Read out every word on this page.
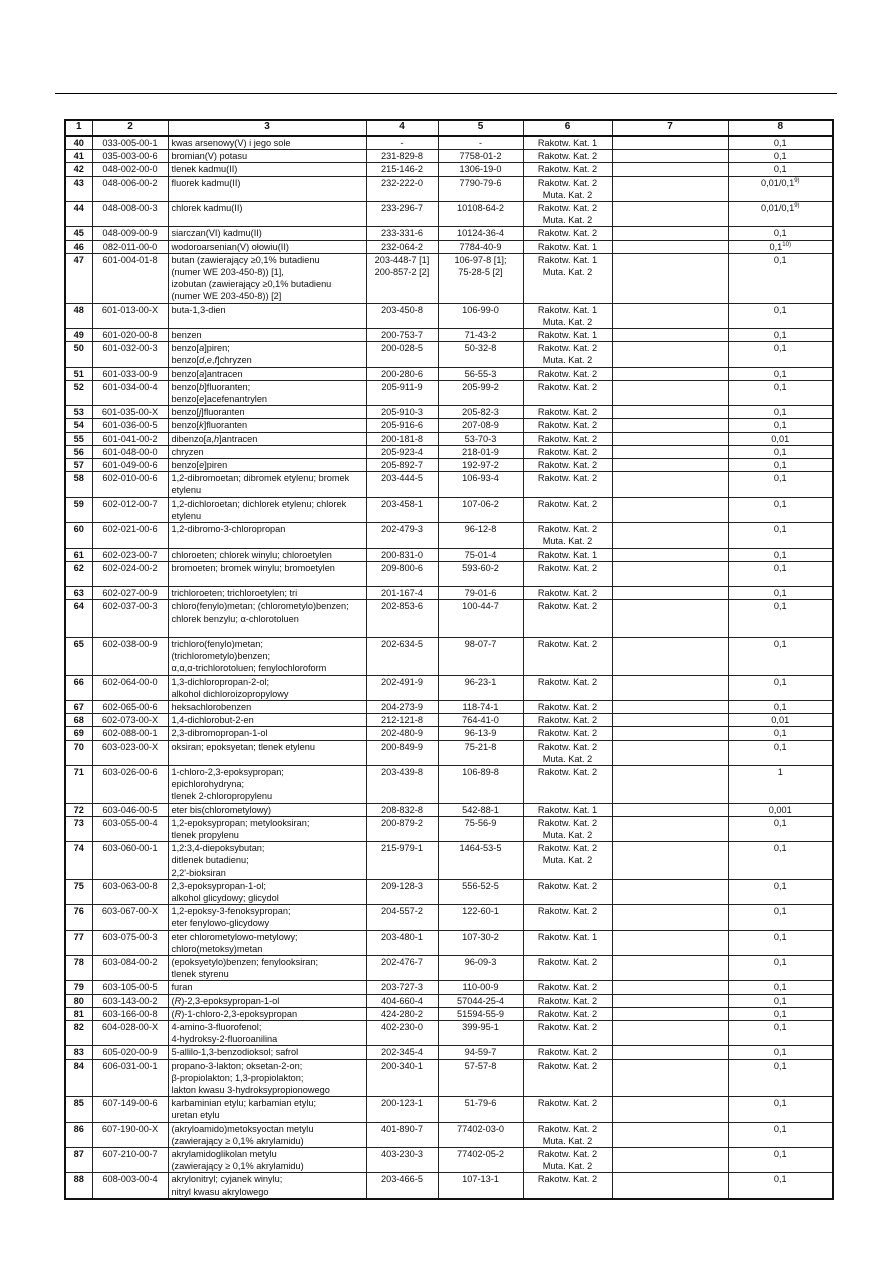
1	2	3	4	5	6	7	8
40	033-005-00-1	kwas arsenowy(V) i jego sole	-	-	Rakotw. Kat. 1		0,1
41	035-003-00-6	bromian(V) potasu	231-829-8	7758-01-2	Rakotw. Kat. 2		0,1
42	048-002-00-0	tlenek kadmu(II)	215-146-2	1306-19-0	Rakotw. Kat. 2		0,1
43	048-006-00-2	fluorek kadmu(II)	232-222-0	7790-79-6	Rakotw. Kat. 2
Muta. Kat. 2		0,01/0,1$^{9)}$
44	048-008-00-3	chlorek kadmu(II)	233-296-7	10108-64-2	Rakotw. Kat. 2
Muta. Kat. 2		0,01/0,1$^{9)}$
45	048-009-00-9	siarczan(VI) kadmu(II)	233-331-6	10124-36-4	Rakotw. Kat. 2		0,1
46	082-011-00-0	wodoroarsenian(V) ołowiu(II)	232-064-2	7784-40-9	Rakotw. Kat. 1		0,1$^{10)}$
47	601-004-01-8	butan (zawierający ≥0,1% butadienu
(numer WE 203-450-8)) [1],
izobutan (zawierający ≥0,1% butadienu
(numer WE 203-450-8)) [2]	203-448-7 [1]
200-857-2 [2]	106-97-8 [1];
75-28-5 [2]	Rakotw. Kat. 1
Muta. Kat. 2		0,1
48	601-013-00-X	buta-1,3-dien	203-450-8	106-99-0	Rakotw. Kat. 1
Muta. Kat. 2		0,1
49	601-020-00-8	benzen	200-753-7	71-43-2	Rakotw. Kat. 1		0,1
50	601-032-00-3	benzo[a]piren;
benzo[d,e,f]chryzen	200-028-5	50-32-8	Rakotw. Kat. 2
Muta. Kat. 2		0,1
51	601-033-00-9	benzo[a]antracen	200-280-6	56-55-3	Rakotw. Kat. 2		0,1
52	601-034-00-4	benzo[b]fluoranten;
benzo[e]acefenantrylen	205-911-9	205-99-2	Rakotw. Kat. 2		0,1
53	601-035-00-X	benzo[j]fluoranten	205-910-3	205-82-3	Rakotw. Kat. 2		0,1
54	601-036-00-5	benzo[k]fluoranten	205-916-6	207-08-9	Rakotw. Kat. 2		0,1
55	601-041-00-2	dibenzo[a,h]antracen	200-181-8	53-70-3	Rakotw. Kat. 2		0,01
56	601-048-00-0	chryzen	205-923-4	218-01-9	Rakotw. Kat. 2		0,1
57	601-049-00-6	benzo[e]piren	205-892-7	192-97-2	Rakotw. Kat. 2		0,1
58	602-010-00-6	1,2-dibromoetan; dibromek etylenu; bromek
etylenu	203-444-5	106-93-4	Rakotw. Kat. 2		0,1
59	602-012-00-7	1,2-dichloroetan; dichlorek etylenu; chlorek
etylenu	203-458-1	107-06-2	Rakotw. Kat. 2		0,1
60	602-021-00-6	1,2-dibromo-3-chloropropan	202-479-3	96-12-8	Rakotw. Kat. 2
Muta. Kat. 2		0,1
61	602-023-00-7	chloroeten; chlorek winylu; chloroetylen	200-831-0	75-01-4	Rakotw. Kat. 1		0,1
62	602-024-00-2	bromoeten; bromek winylu; bromoetylen	209-800-6	593-60-2	Rakotw. Kat. 2		0,1
63	602-027-00-9	trichloroeten; trichloroetylen; tri	201-167-4	79-01-6	Rakotw. Kat. 2		0,1
64	602-037-00-3	chloro(fenylo)metan; (chlorometylo)benzen;
chlorek benzylu; α-chlorotoluen	202-853-6	100-44-7	Rakotw. Kat. 2		0,1
65	602-038-00-9	trichloro(fenylo)metan;
(trichlorometylo)benzen;
α,α,α-trichlorotoluen; fenylochloroform	202-634-5	98-07-7	Rakotw. Kat. 2		0,1
66	602-064-00-0	1,3-dichloropropan-2-ol;
alkohol dichloroizopropylowy	202-491-9	96-23-1	Rakotw. Kat. 2		0,1
67	602-065-00-6	heksachlorobenzen	204-273-9	118-74-1	Rakotw. Kat. 2		0,1
68	602-073-00-X	1,4-dichlorobut-2-en	212-121-8	764-41-0	Rakotw. Kat. 2		0,01
69	602-088-00-1	2,3-dibromopropan-1-ol	202-480-9	96-13-9	Rakotw. Kat. 2		0,1
70	603-023-00-X	oksiran; epoksyetan; tlenek etylenu	200-849-9	75-21-8	Rakotw. Kat. 2
Muta. Kat. 2		0,1
71	603-026-00-6	1-chloro-2,3-epoksypropan;
epichlorohydryna;
tlenek 2-chloropropylenu	203-439-8	106-89-8	Rakotw. Kat. 2		1
72	603-046-00-5	eter bis(chlorometylowy)	208-832-8	542-88-1	Rakotw. Kat. 1		0,001
73	603-055-00-4	1,2-epoksypropan; metylooksiran;
tlenek propylenu	200-879-2	75-56-9	Rakotw. Kat. 2
Muta. Kat. 2		0,1
74	603-060-00-1	1,2:3,4-diepoksybutan;
ditlenek butadienu;
2,2'-bioksiran	215-979-1	1464-53-5	Rakotw. Kat. 2
Muta. Kat. 2		0,1
75	603-063-00-8	2,3-epoksypropan-1-ol;
alkohol glicydowy; glicydol	209-128-3	556-52-5	Rakotw. Kat. 2		0,1
76	603-067-00-X	1,2-epoksy-3-fenoksypropan;
eter fenylowo-glicydowy	204-557-2	122-60-1	Rakotw. Kat. 2		0,1
77	603-075-00-3	eter chlorometylowo-metylowy;
chloro(metoksy)metan	203-480-1	107-30-2	Rakotw. Kat. 1		0,1
78	603-084-00-2	(epoksyetylo)benzen; fenylooksiran;
tlenek styrenu	202-476-7	96-09-3	Rakotw. Kat. 2		0,1
79	603-105-00-5	furan	203-727-3	110-00-9	Rakotw. Kat. 2		0,1
80	603-143-00-2	(R)-2,3-epoksypropan-1-ol	404-660-4	57044-25-4	Rakotw. Kat. 2		0,1
81	603-166-00-8	(R)-1-chloro-2,3-epoksypropan	424-280-2	51594-55-9	Rakotw. Kat. 2		0,1
82	604-028-00-X	4-amino-3-fluorofenol;
4-hydroksy-2-fluoroanilina	402-230-0	399-95-1	Rakotw. Kat. 2		0,1
83	605-020-00-9	5-allilo-1,3-benzodioksol; safrol	202-345-4	94-59-7	Rakotw. Kat. 2		0,1
84	606-031-00-1	propano-3-lakton; oksetan-2-on;
β-propiolakton; 1,3-propiolakton;
lakton kwasu 3-hydroksypropionowego	200-340-1	57-57-8	Rakotw. Kat. 2		0,1
85	607-149-00-6	karbaminian etylu; karbamian etylu;
uretan etylu	200-123-1	51-79-6	Rakotw. Kat. 2		0,1
86	607-190-00-X	(akryloamido)metoksyoctan metylu
(zawierający ≥ 0,1% akrylamidu)	401-890-7	77402-03-0	Rakotw. Kat. 2
Muta. Kat. 2		0,1
87	607-210-00-7	akrylamidoglikolan metylu
(zawierający ≥ 0,1% akrylamidu)	403-230-3	77402-05-2	Rakotw. Kat. 2
Muta. Kat. 2		0,1
88	608-003-00-4	akrylonitryl; cyjanek winylu;
nitryl kwasu akrylowego	203-466-5	107-13-1	Rakotw. Kat. 2		0,1
